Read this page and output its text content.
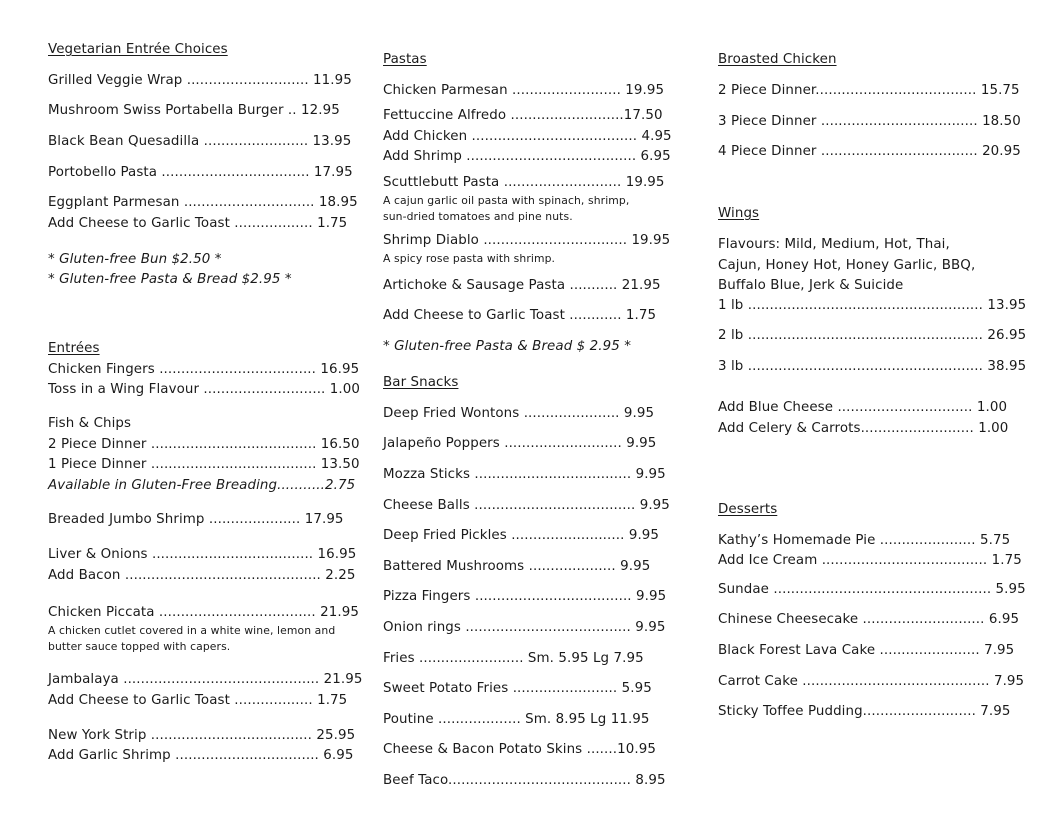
Vegetarian Entrée Choices
Grilled Veggie Wrap ............................ 11.95
Mushroom Swiss Portabella Burger .. 12.95
Black Bean Quesadilla ........................ 13.95
Portobello Pasta .................................. 17.95
Eggplant Parmesan .............................. 18.95
Add Cheese to Garlic Toast .................. 1.75
* Gluten-free Bun $2.50 *
* Gluten-free Pasta & Bread $2.95 *
Entrées
Chicken Fingers .................................... 16.95
Toss in a Wing Flavour ............................ 1.00
Fish & Chips
2 Piece Dinner ...................................... 16.50
1 Piece Dinner ...................................... 13.50
Available in Gluten-Free Breading...........2.75
Breaded Jumbo Shrimp ..................... 17.95
Liver & Onions ..................................... 16.95
Add Bacon ............................................. 2.25
Chicken Piccata .................................... 21.95
A chicken cutlet covered in a white wine, lemon and
butter sauce topped with capers.
Jambalaya ............................................. 21.95
Add Cheese to Garlic Toast .................. 1.75
New York Strip ..................................... 25.95
Add Garlic Shrimp ................................. 6.95
Pastas
Chicken Parmesan ......................... 19.95
Fettuccine Alfredo ..........................17.50
Add Chicken ...................................... 4.95
Add Shrimp ....................................... 6.95
Scuttlebutt Pasta ........................... 19.95
A cajun garlic oil pasta with spinach, shrimp,
sun-dried tomatoes and pine nuts.
Shrimp Diablo ................................. 19.95
A spicy rose pasta with shrimp.
Artichoke & Sausage Pasta ........... 21.95
Add Cheese to Garlic Toast ............ 1.75
* Gluten-free Pasta & Bread $ 2.95 *
Bar Snacks
Deep Fried Wontons ...................... 9.95
Jalapeño Poppers ........................... 9.95
Mozza Sticks .................................... 9.95
Cheese Balls ..................................... 9.95
Deep Fried Pickles .......................... 9.95
Battered Mushrooms .................... 9.95
Pizza Fingers .................................... 9.95
Onion rings ...................................... 9.95
Fries ........................ Sm. 5.95 Lg 7.95
Sweet Potato Fries ........................ 5.95
Poutine ................... Sm. 8.95 Lg 11.95
Cheese & Bacon Potato Skins .......10.95
Beef Taco.......................................... 8.95
Broasted Chicken
2 Piece Dinner..................................... 15.75
3 Piece Dinner .................................... 18.50
4 Piece Dinner .................................... 20.95
Wings
Flavours: Mild, Medium, Hot, Thai, Cajun, Honey Hot, Honey Garlic, BBQ, Buffalo Blue, Jerk & Suicide
1 lb ...................................................... 13.95
2 lb ...................................................... 26.95
3 lb ...................................................... 38.95
Add Blue Cheese ............................... 1.00
Add Celery & Carrots.......................... 1.00
Desserts
Kathy’s Homemade Pie ...................... 5.75
Add Ice Cream ...................................... 1.75
Sundae .................................................. 5.95
Chinese Cheesecake ............................ 6.95
Black Forest Lava Cake ....................... 7.95
Carrot Cake ........................................... 7.95
Sticky Toffee Pudding.......................... 7.95
